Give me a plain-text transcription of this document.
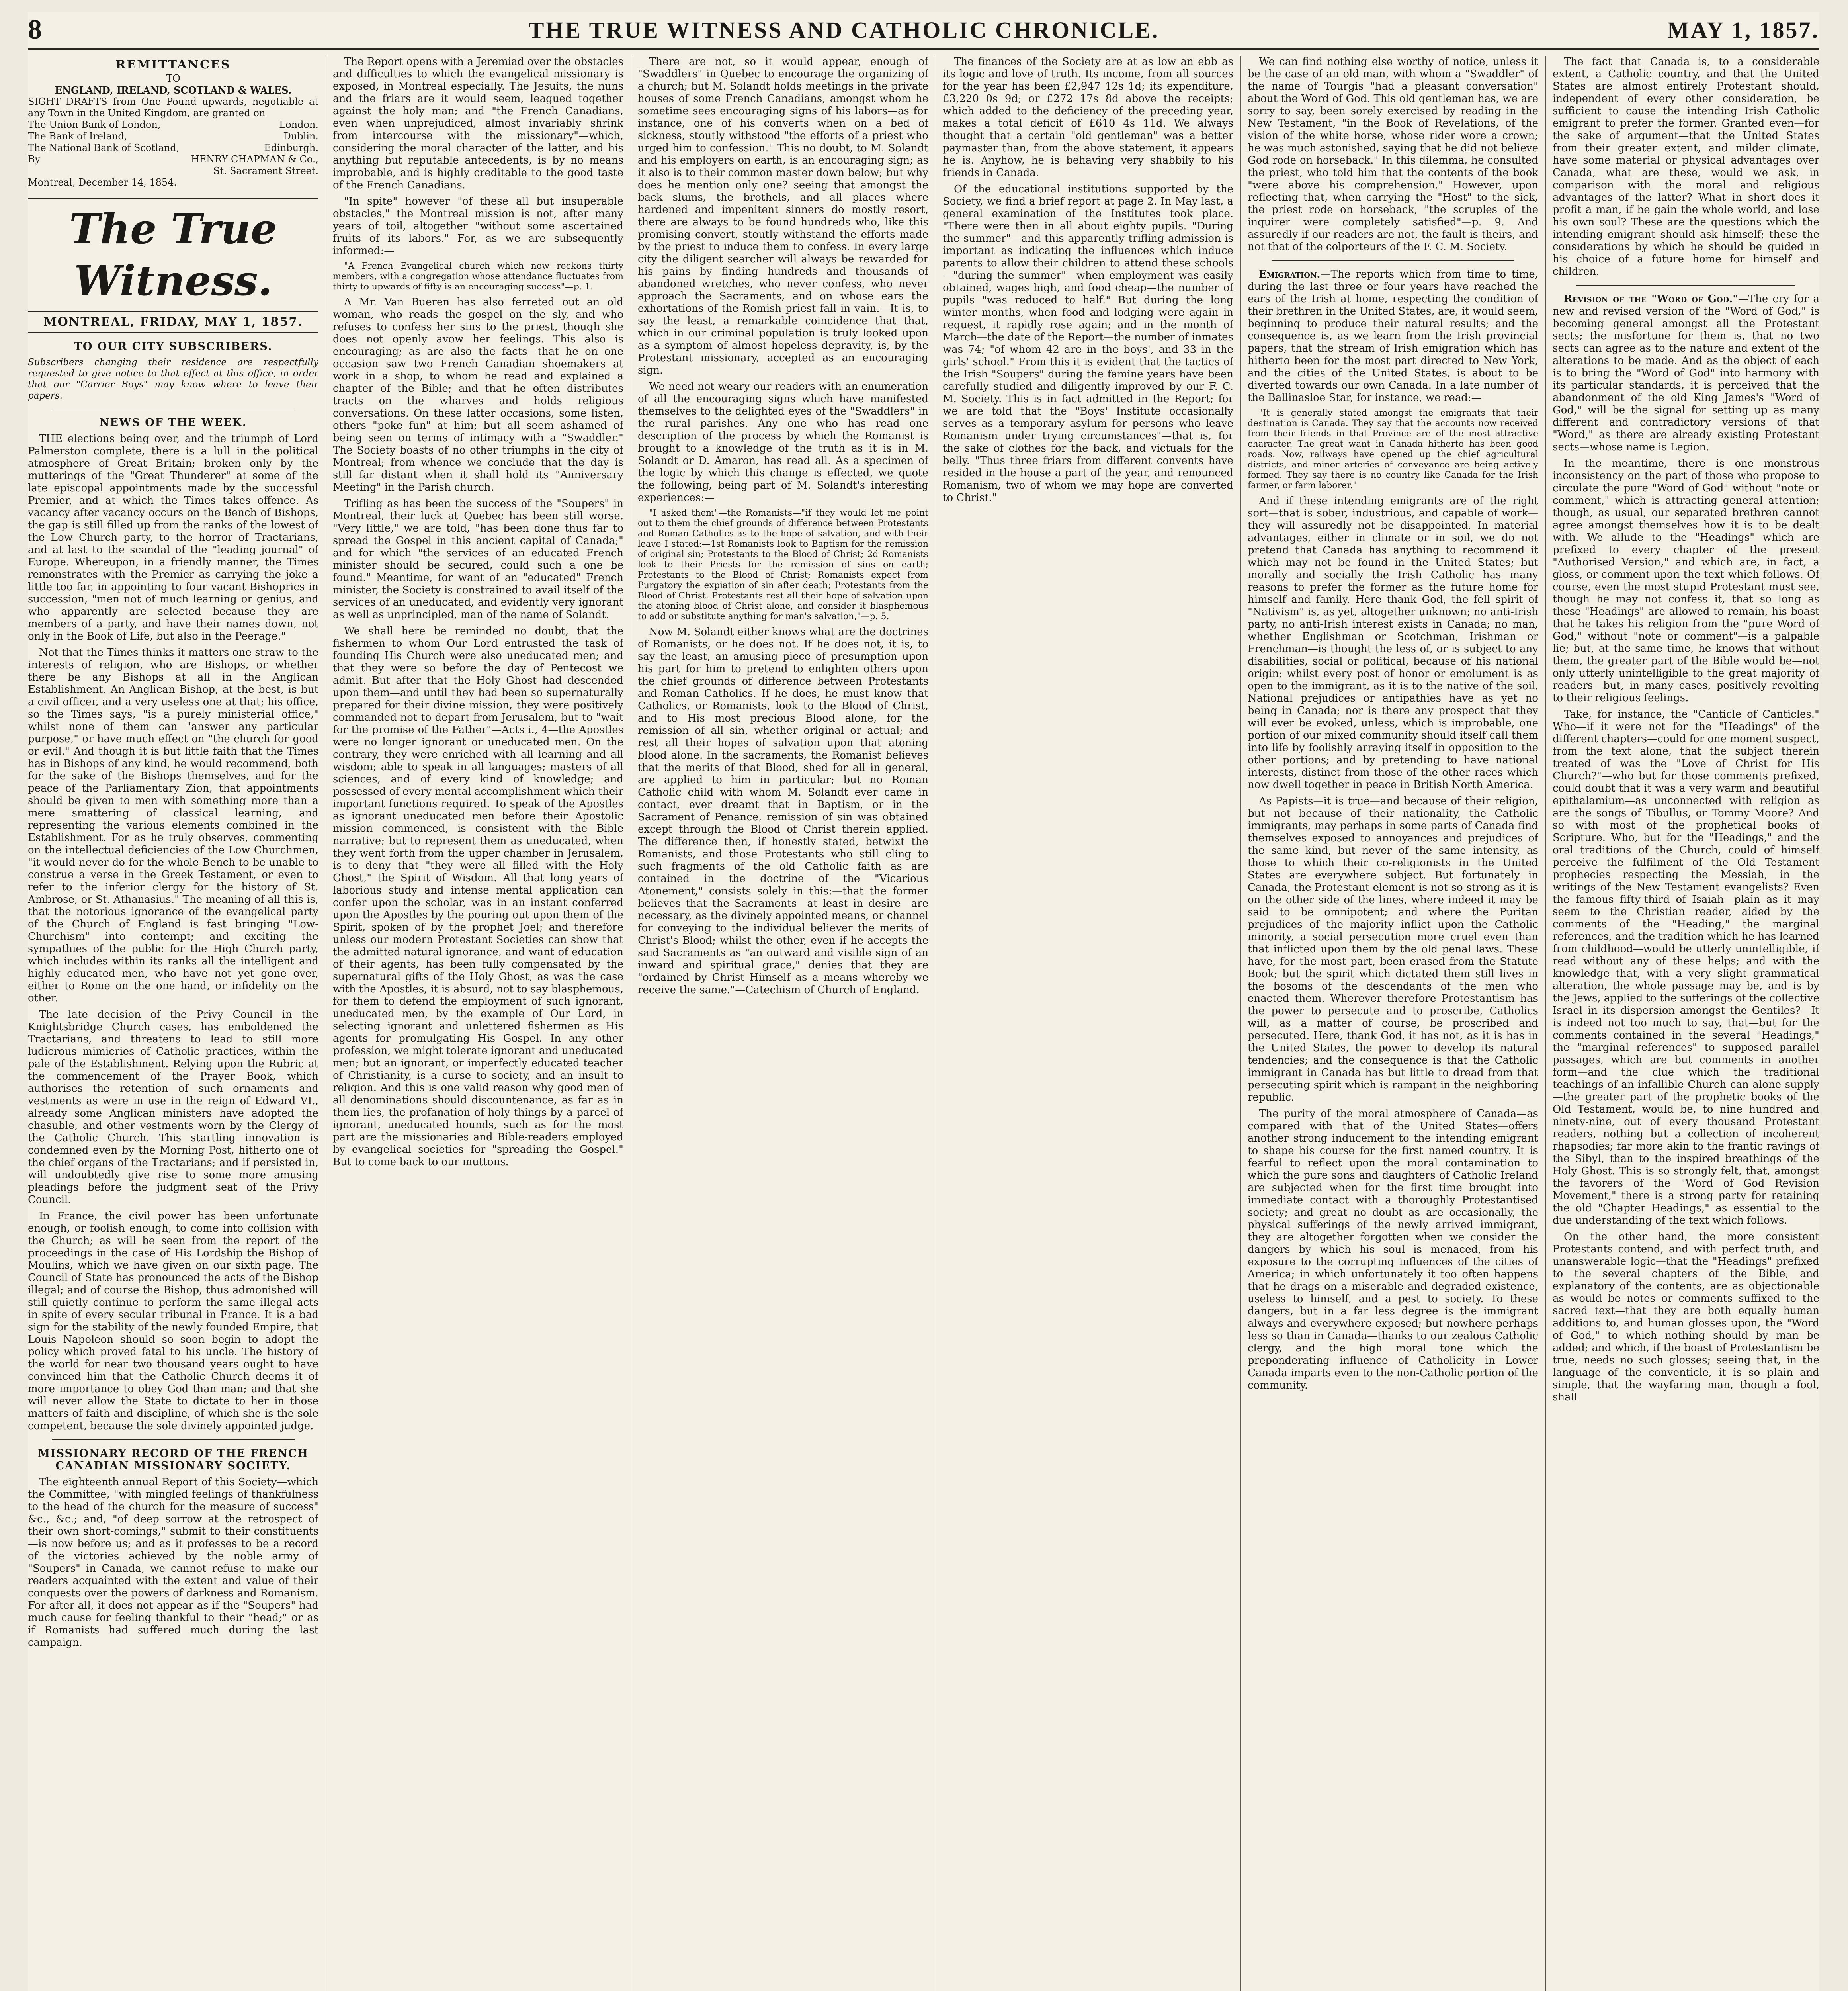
8	THE TRUE WITNESS AND CATHOLIC CHRONICLE.	MAY 1, 1857.
REMITTANCES
TO
ENGLAND, IRELAND, SCOTLAND & WALES.
SIGHT DRAFTS from One Pound upwards, negotiable at any Town in the United Kingdom, are granted on
The Union Bank of London,	London.
The Bank of Ireland,	Dublin.
The National Bank of Scotland,	Edinburgh.
By	HENRY CHAPMAN & Co.,
St. Sacrament Street.
Montreal, December 14, 1854.
The True Witness.
MONTREAL, FRIDAY, MAY 1, 1857.
TO OUR CITY SUBSCRIBERS.
Subscribers changing their residence are respectfully requested to give notice to that effect at this office, in order that our "Carrier Boys" may know where to leave their papers.
NEWS OF THE WEEK.

THE elections being over, and the triumph of Lord Palmerston complete, there is a lull in the political atmosphere of Great Britain; broken only by the mutterings of the "Great Thunderer" at some of the late episcopal appointments made by the successful Premier, and at which the Times takes offence. As vacancy after vacancy occurs on the Bench of Bishops, the gap is still filled up from the ranks of the lowest of the Low Church party, to the horror of Tractarians, and at last to the scandal of the "leading journal" of Europe. Whereupon, in a friendly manner, the Times remonstrates with the Premier as carrying the joke a little too far, in appointing to four vacant Bishoprics in succession, "men not of much learning or genius, and who apparently are selected because they are members of a party, and have their names down, not only in the Book of Life, but also in the Peerage."

Not that the Times thinks it matters one straw to the interests of religion, who are Bishops, or whether there be any Bishops at all in the Anglican Establishment. An Anglican Bishop, at the best, is but a civil officer, and a very useless one at that; his office, so the Times says, "is a purely ministerial office," whilst none of them can "answer any particular purpose," or have much effect on "the church for good or evil." And though it is but little faith that the Times has in Bishops of any kind, he would recommend, both for the sake of the Bishops themselves, and for the peace of the Parliamentary Zion, that appointments should be given to men with something more than a mere smattering of classical learning, and representing the various elements combined in the Establishment. For as he truly observes, commenting on the intellectual deficiencies of the Low Churchmen, "it would never do for the whole Bench to be unable to construe a verse in the Greek Testament, or even to refer to the inferior clergy for the history of St. Ambrose, or St. Athanasius." The meaning of all this is, that the notorious ignorance of the evangelical party of the Church of England is fast bringing "Low-Churchism" into contempt; and exciting the sympathies of the public for the High Church party, which includes within its ranks all the intelligent and highly educated men, who have not yet gone over, either to Rome on the one hand, or infidelity on the other.

The late decision of the Privy Council in the Knightsbridge Church cases, has emboldened the Tractarians, and threatens to lead to still more ludicrous mimicries of Catholic practices, within the pale of the Establishment. Relying upon the Rubric at the commencement of the Prayer Book, which authorises the retention of such ornaments and vestments as were in use in the reign of Edward VI., already some Anglican ministers have adopted the chasuble, and other vestments worn by the Clergy of the Catholic Church. This startling innovation is condemned even by the Morning Post, hitherto one of the chief organs of the Tractarians; and if persisted in, will undoubtedly give rise to some more amusing pleadings before the judgment seat of the Privy Council.

In France, the civil power has been unfortunate enough, or foolish enough, to come into collision with the Church; as will be seen from the report of the proceedings in the case of His Lordship the Bishop of Moulins, which we have given on our sixth page. The Council of State has pronounced the acts of the Bishop illegal; and of course the Bishop, thus admonished will still quietly continue to perform the same illegal acts in spite of every secular tribunal in France. It is a bad sign for the stability of the newly founded Empire, that Louis Napoleon should so soon begin to adopt the policy which proved fatal to his uncle. The history of the world for near two thousand years ought to have convinced him that the Catholic Church deems it of more importance to obey God than man; and that she will never allow the State to dictate to her in those matters of faith and discipline, of which she is the sole competent, because the sole divinely appointed judge.

MISSIONARY RECORD OF THE FRENCH CANADIAN MISSIONARY SOCIETY.

The eighteenth annual Report of this Society—which the Committee, "with mingled feelings of thankfulness to the head of the church for the measure of success" &c., &c.; and, "of deep sorrow at the retrospect of their own short-comings," submit to their constituents—is now before us; and as it professes to be a record of the victories achieved by the noble army of "Soupers" in Canada, we cannot refuse to make our readers acquainted with the extent and value of their conquests over the powers of darkness and Romanism. For after all, it does not appear as if the "Soupers" had much cause for feeling thankful to their "head;" or as if Romanists had suffered much during the last campaign.

The Report opens with a Jeremiad over the obstacles and difficulties to which the evangelical missionary is exposed, in Montreal especially. The Jesuits, the nuns and the friars are it would seem, leagued together against the holy man; and "the French Canadians, even when unprejudiced, almost invariably shrink from intercourse with the missionary"—which, considering the moral character of the latter, and his anything but reputable antecedents, is by no means improbable, and is highly creditable to the good taste of the French Canadians.

"In spite" however "of these all but insuperable obstacles," the Montreal mission is not, after many years of toil, altogether "without some ascertained fruits of its labors." For, as we are subsequently informed:—

"A French Evangelical church which now reckons thirty members, with a congregation whose attendance fluctuates from thirty to upwards of fifty is an encouraging success"—p. 1.

A Mr. Van Bueren has also ferreted out an old woman, who reads the gospel on the sly, and who refuses to confess her sins to the priest, though she does not openly avow her feelings. This also is encouraging; as are also the facts—that he on one occasion saw two French Canadian shoemakers at work in a shop, to whom he read and explained a chapter of the Bible; and that he often distributes tracts on the wharves and holds religious conversations. On these latter occasions, some listen, others "poke fun" at him; but all seem ashamed of being seen on terms of intimacy with a "Swaddler." The Society boasts of no other triumphs in the city of Montreal; from whence we conclude that the day is still far distant when it shall hold its "Anniversary Meeting" in the Parish church.

Trifling as has been the success of the "Soupers" in Montreal, their luck at Quebec has been still worse. "Very little," we are told, "has been done thus far to spread the Gospel in this ancient capital of Canada;" and for which "the services of an educated French minister should be secured, could such a one be found." Meantime, for want of an "educated" French minister, the Society is constrained to avail itself of the services of an uneducated, and evidently very ignorant as well as unprincipled, man of the name of Solandt.

We shall here be reminded no doubt, that the fishermen to whom Our Lord entrusted the task of founding His Church were also uneducated men; and that they were so before the day of Pentecost we admit. But after that the Holy Ghost had descended upon them—and until they had been so supernaturally prepared for their divine mission, they were positively commanded not to depart from Jerusalem, but to "wait for the promise of the Father"—Acts i., 4—the Apostles were no longer ignorant or uneducated men. On the contrary, they were enriched with all learning and all wisdom; able to speak in all languages; masters of all sciences, and of every kind of knowledge; and possessed of every mental accomplishment which their important functions required. To speak of the Apostles as ignorant uneducated men before their Apostolic mission commenced, is consistent with the Bible narrative; but to represent them as uneducated, when they went forth from the upper chamber in Jerusalem, is to deny that "they were all filled with the Holy Ghost," the Spirit of Wisdom. All that long years of laborious study and intense mental application can confer upon the scholar, was in an instant conferred upon the Apostles by the pouring out upon them of the Spirit, spoken of by the prophet Joel; and therefore unless our modern Protestant Societies can show that the admitted natural ignorance, and want of education of their agents, has been fully compensated by the supernatural gifts of the Holy Ghost, as was the case with the Apostles, it is absurd, not to say blasphemous, for them to defend the employment of such ignorant, uneducated men, by the example of Our Lord, in selecting ignorant and unlettered fishermen as His agents for promulgating His Gospel. In any other profession, we might tolerate ignorant and uneducated men; but an ignorant, or imperfectly educated teacher of Christianity, is a curse to society, and an insult to religion. And this is one valid reason why good men of all denominations should discountenance, as far as in them lies, the profanation of holy things by a parcel of ignorant, uneducated hounds, such as for the most part are the missionaries and Bible-readers employed by evangelical societies for "spreading the Gospel." But to come back to our muttons.

There are not, so it would appear, enough of "Swaddlers" in Quebec to encourage the organizing of a church; but M. Solandt holds meetings in the private houses of some French Canadians, amongst whom he sometime sees encouraging signs of his labors—as for instance, one of his converts when on a bed of sickness, stoutly withstood "the efforts of a priest who urged him to confession." This no doubt, to M. Solandt and his employers on earth, is an encouraging sign; as it also is to their common master down below; but why does he mention only one? seeing that amongst the back slums, the brothels, and all places where hardened and impenitent sinners do mostly resort, there are always to be found hundreds who, like this promising convert, stoutly withstand the efforts made by the priest to induce them to confess. In every large city the diligent searcher will always be rewarded for his pains by finding hundreds and thousands of abandoned wretches, who never confess, who never approach the Sacraments, and on whose ears the exhortations of the Romish priest fall in vain.—It is, to say the least, a remarkable coincidence that that, which in our criminal population is truly looked upon as a symptom of almost hopeless depravity, is, by the Protestant missionary, accepted as an encouraging sign.

We need not weary our readers with an enumeration of all the encouraging signs which have manifested themselves to the delighted eyes of the "Swaddlers" in the rural parishes. Any one who has read one description of the process by which the Romanist is brought to a knowledge of the truth as it is in M. Solandt or D. Amaron, has read all. As a specimen of the logic by which this change is effected, we quote the following, being part of M. Solandt's interesting experiences:—

"I asked them"—the Romanists—"if they would let me point out to them the chief grounds of difference between Protestants and Roman Catholics as to the hope of salvation, and with their leave I stated:—1st Romanists look to Baptism for the remission of original sin; Protestants to the Blood of Christ; 2d Romanists look to their Priests for the remission of sins on earth; Protestants to the Blood of Christ; Romanists expect from Purgatory the expiation of sin after death; Protestants from the Blood of Christ. Protestants rest all their hope of salvation upon the atoning blood of Christ alone, and consider it blasphemous to add or substitute anything for man's salvation,"—p. 5.

Now M. Solandt either knows what are the doctrines of Romanists, or he does not. If he does not, it is, to say the least, an amusing piece of presumption upon his part for him to pretend to enlighten others upon the chief grounds of difference between Protestants and Roman Catholics. If he does, he must know that Catholics, or Romanists, look to the Blood of Christ, and to His most precious Blood alone, for the remission of all sin, whether original or actual; and rest all their hopes of salvation upon that atoning blood alone. In the sacraments, the Romanist believes that the merits of that Blood, shed for all in general, are applied to him in particular; but no Roman Catholic child with whom M. Solandt ever came in contact, ever dreamt that in Baptism, or in the Sacrament of Penance, remission of sin was obtained except through the Blood of Christ therein applied. The difference then, if honestly stated, betwixt the Romanists, and those Protestants who still cling to such fragments of the old Catholic faith as are contained in the doctrine of the "Vicarious Atonement," consists solely in this:—that the former believes that the Sacraments—at least in desire—are necessary, as the divinely appointed means, or channel for conveying to the individual believer the merits of Christ's Blood; whilst the other, even if he accepts the said Sacraments as "an outward and visible sign of an inward and spiritual grace," denies that they are "ordained by Christ Himself as a means whereby we receive the same."—Catechism of Church of England.

The finances of the Society are at as low an ebb as its logic and love of truth. Its income, from all sources for the year has been £2,947 12s 1d; its expenditure, £3,220 0s 9d; or £272 17s 8d above the receipts; which added to the deficiency of the preceding year, makes a total deficit of £610 4s 11d. We always thought that a certain "old gentleman" was a better paymaster than, from the above statement, it appears he is. Anyhow, he is behaving very shabbily to his friends in Canada.

Of the educational institutions supported by the Society, we find a brief report at page 2. In May last, a general examination of the Institutes took place. "There were then in all about eighty pupils. "During the summer"—and this apparently trifling admission is important as indicating the influences which induce parents to allow their children to attend these schools—"during the summer"—when employment was easily obtained, wages high, and food cheap—the number of pupils "was reduced to half." But during the long winter months, when food and lodging were again in request, it rapidly rose again; and in the month of March—the date of the Report—the number of inmates was 74; "of whom 42 are in the boys', and 33 in the girls' school." From this it is evident that the tactics of the Irish "Soupers" during the famine years have been carefully studied and diligently improved by our F. C. M. Society. This is in fact admitted in the Report; for we are told that the "Boys' Institute occasionally serves as a temporary asylum for persons who leave Romanism under trying circumstances"—that is, for the sake of clothes for the back, and victuals for the belly. "Thus three friars from different convents have resided in the house a part of the year, and renounced Romanism, two of whom we may hope are converted to Christ."

We can find nothing else worthy of notice, unless it be the case of an old man, with whom a "Swaddler" of the name of Tourgis "had a pleasant conversation" about the Word of God. This old gentleman has, we are sorry to say, been sorely exercised by reading in the New Testament, "in the Book of Revelations, of the vision of the white horse, whose rider wore a crown; he was much astonished, saying that he did not believe God rode on horseback." In this dilemma, he consulted the priest, who told him that the contents of the book "were above his comprehension." However, upon reflecting that, when carrying the "Host" to the sick, the priest rode on horseback, "the scruples of the inquirer were completely satisfied"—p. 9. And assuredly if our readers are not, the fault is theirs, and not that of the colporteurs of the F. C. M. Society.

Emigration.—The reports which from time to time, during the last three or four years have reached the ears of the Irish at home, respecting the condition of their brethren in the United States, are, it would seem, beginning to produce their natural results; and the consequence is, as we learn from the Irish provincial papers, that the stream of Irish emigration which has hitherto been for the most part directed to New York, and the cities of the United States, is about to be diverted towards our own Canada. In a late number of the Ballinasloe Star, for instance, we read:—

"It is generally stated amongst the emigrants that their destination is Canada. They say that the accounts now received from their friends in that Province are of the most attractive character. The great want in Canada hitherto has been good roads. Now, railways have opened up the chief agricultural districts, and minor arteries of conveyance are being actively formed. They say there is no country like Canada for the Irish farmer, or farm laborer."

And if these intending emigrants are of the right sort—that is sober, industrious, and capable of work—they will assuredly not be disappointed. In material advantages, either in climate or in soil, we do not pretend that Canada has anything to recommend it which may not be found in the United States; but morally and socially the Irish Catholic has many reasons to prefer the former as the future home for himself and family. Here thank God, the fell spirit of "Nativism" is, as yet, altogether unknown; no anti-Irish party, no anti-Irish interest exists in Canada; no man, whether Englishman or Scotchman, Irishman or Frenchman—is thought the less of, or is subject to any disabilities, social or political, because of his national origin; whilst every post of honor or emolument is as open to the immigrant, as it is to the native of the soil. National prejudices or antipathies have as yet no being in Canada; nor is there any prospect that they will ever be evoked, unless, which is improbable, one portion of our mixed community should itself call them into life by foolishly arraying itself in opposition to the other portions; and by pretending to have national interests, distinct from those of the other races which now dwell together in peace in British North America.

As Papists—it is true—and because of their religion, but not because of their nationality, the Catholic immigrants, may perhaps in some parts of Canada find themselves exposed to annoyances and prejudices of the same kind, but never of the same intensity, as those to which their co-religionists in the United States are everywhere subject. But fortunately in Canada, the Protestant element is not so strong as it is on the other side of the lines, where indeed it may be said to be omnipotent; and where the Puritan prejudices of the majority inflict upon the Catholic minority, a social persecution more cruel even than that inflicted upon them by the old penal laws. These have, for the most part, been erased from the Statute Book; but the spirit which dictated them still lives in the bosoms of the descendants of the men who enacted them. Wherever therefore Protestantism has the power to persecute and to proscribe, Catholics will, as a matter of course, be proscribed and persecuted. Here, thank God, it has not, as it is has in the United States, the power to develop its natural tendencies; and the consequence is that the Catholic immigrant in Canada has but little to dread from that persecuting spirit which is rampant in the neighboring republic.

The purity of the moral atmosphere of Canada—as compared with that of the United States—offers another strong inducement to the intending emigrant to shape his course for the first named country. It is fearful to reflect upon the moral contamination to which the pure sons and daughters of Catholic Ireland are subjected when for the first time brought into immediate contact with a thoroughly Protestantised society; and great no doubt as are occasionally, the physical sufferings of the newly arrived immigrant, they are altogether forgotten when we consider the dangers by which his soul is menaced, from his exposure to the corrupting influences of the cities of America; in which unfortunately it too often happens that he drags on a miserable and degraded existence, useless to himself, and a pest to society. To these dangers, but in a far less degree is the immigrant always and everywhere exposed; but nowhere perhaps less so than in Canada—thanks to our zealous Catholic clergy, and the high moral tone which the preponderating influence of Catholicity in Lower Canada imparts even to the non-Catholic portion of the community.

The fact that Canada is, to a considerable extent, a Catholic country, and that the United States are almost entirely Protestant should, independent of every other consideration, be sufficient to cause the intending Irish Catholic emigrant to prefer the former. Granted even—for the sake of argument—that the United States from their greater extent, and milder climate, have some material or physical advantages over Canada, what are these, would we ask, in comparison with the moral and religious advantages of the latter? What in short does it profit a man, if he gain the whole world, and lose his own soul? These are the questions which the intending emigrant should ask himself; these the considerations by which he should be guided in his choice of a future home for himself and children.

Revision of the "Word of God."—The cry for a new and revised version of the "Word of God," is becoming general amongst all the Protestant sects; the misfortune for them is, that no two sects can agree as to the nature and extent of the alterations to be made. And as the object of each is to bring the "Word of God" into harmony with its particular standards, it is perceived that the abandonment of the old King James's "Word of God," will be the signal for setting up as many different and contradictory versions of that "Word," as there are already existing Protestant sects—whose name is Legion.

In the meantime, there is one monstrous inconsistency on the part of those who propose to circulate the pure "Word of God" without "note or comment," which is attracting general attention; though, as usual, our separated brethren cannot agree amongst themselves how it is to be dealt with. We allude to the "Headings" which are prefixed to every chapter of the present "Authorised Version," and which are, in fact, a gloss, or comment upon the text which follows. Of course, even the most stupid Protestant must see, though he may not confess it, that so long as these "Headings" are allowed to remain, his boast that he takes his religion from the "pure Word of God," without "note or comment"—is a palpable lie; but, at the same time, he knows that without them, the greater part of the Bible would be—not only utterly unintelligible to the great majority of readers—but, in many cases, positively revolting to their religious feelings.

Take, for instance, the "Canticle of Canticles." Who—if it were not for the "Headings" of the different chapters—could for one moment suspect, from the text alone, that the subject therein treated of was the "Love of Christ for His Church?"—who but for those comments prefixed, could doubt that it was a very warm and beautiful epithalamium—as unconnected with religion as are the songs of Tibullus, or Tommy Moore? And so with most of the prophetical books of Scripture. Who, but for the "Headings," and the oral traditions of the Church, could of himself perceive the fulfilment of the Old Testament prophecies respecting the Messiah, in the writings of the New Testament evangelists? Even the famous fifty-third of Isaiah—plain as it may seem to the Christian reader, aided by the comments of the "Heading," the marginal references, and the tradition which he has learned from childhood—would be utterly unintelligible, if read without any of these helps; and with the knowledge that, with a very slight grammatical alteration, the whole passage may be, and is by the Jews, applied to the sufferings of the collective Israel in its dispersion amongst the Gentiles?—It is indeed not too much to say, that—but for the comments contained in the several "Headings," the "marginal references" to supposed parallel passages, which are but comments in another form—and the clue which the traditional teachings of an infallible Church can alone supply—the greater part of the prophetic books of the Old Testament, would be, to nine hundred and ninety-nine, out of every thousand Protestant readers, nothing but a collection of incoherent rhapsodies; far more akin to the frantic ravings of the Sibyl, than to the inspired breathings of the Holy Ghost. This is so strongly felt, that, amongst the favorers of the "Word of God Revision Movement," there is a strong party for retaining the old "Chapter Headings," as essential to the due understanding of the text which follows.

On the other hand, the more consistent Protestants contend, and with perfect truth, and unanswerable logic—that the "Headings" prefixed to the several chapters of the Bible, and explanatory of the contents, are as objectionable as would be notes or comments suffixed to the sacred text—that they are both equally human additions to, and human glosses upon, the "Word of God," to which nothing should by man be added; and which, if the boast of Protestantism be true, needs no such glosses; seeing that, in the language of the conventicle, it is so plain and simple, that the wayfaring man, though a fool, shall
